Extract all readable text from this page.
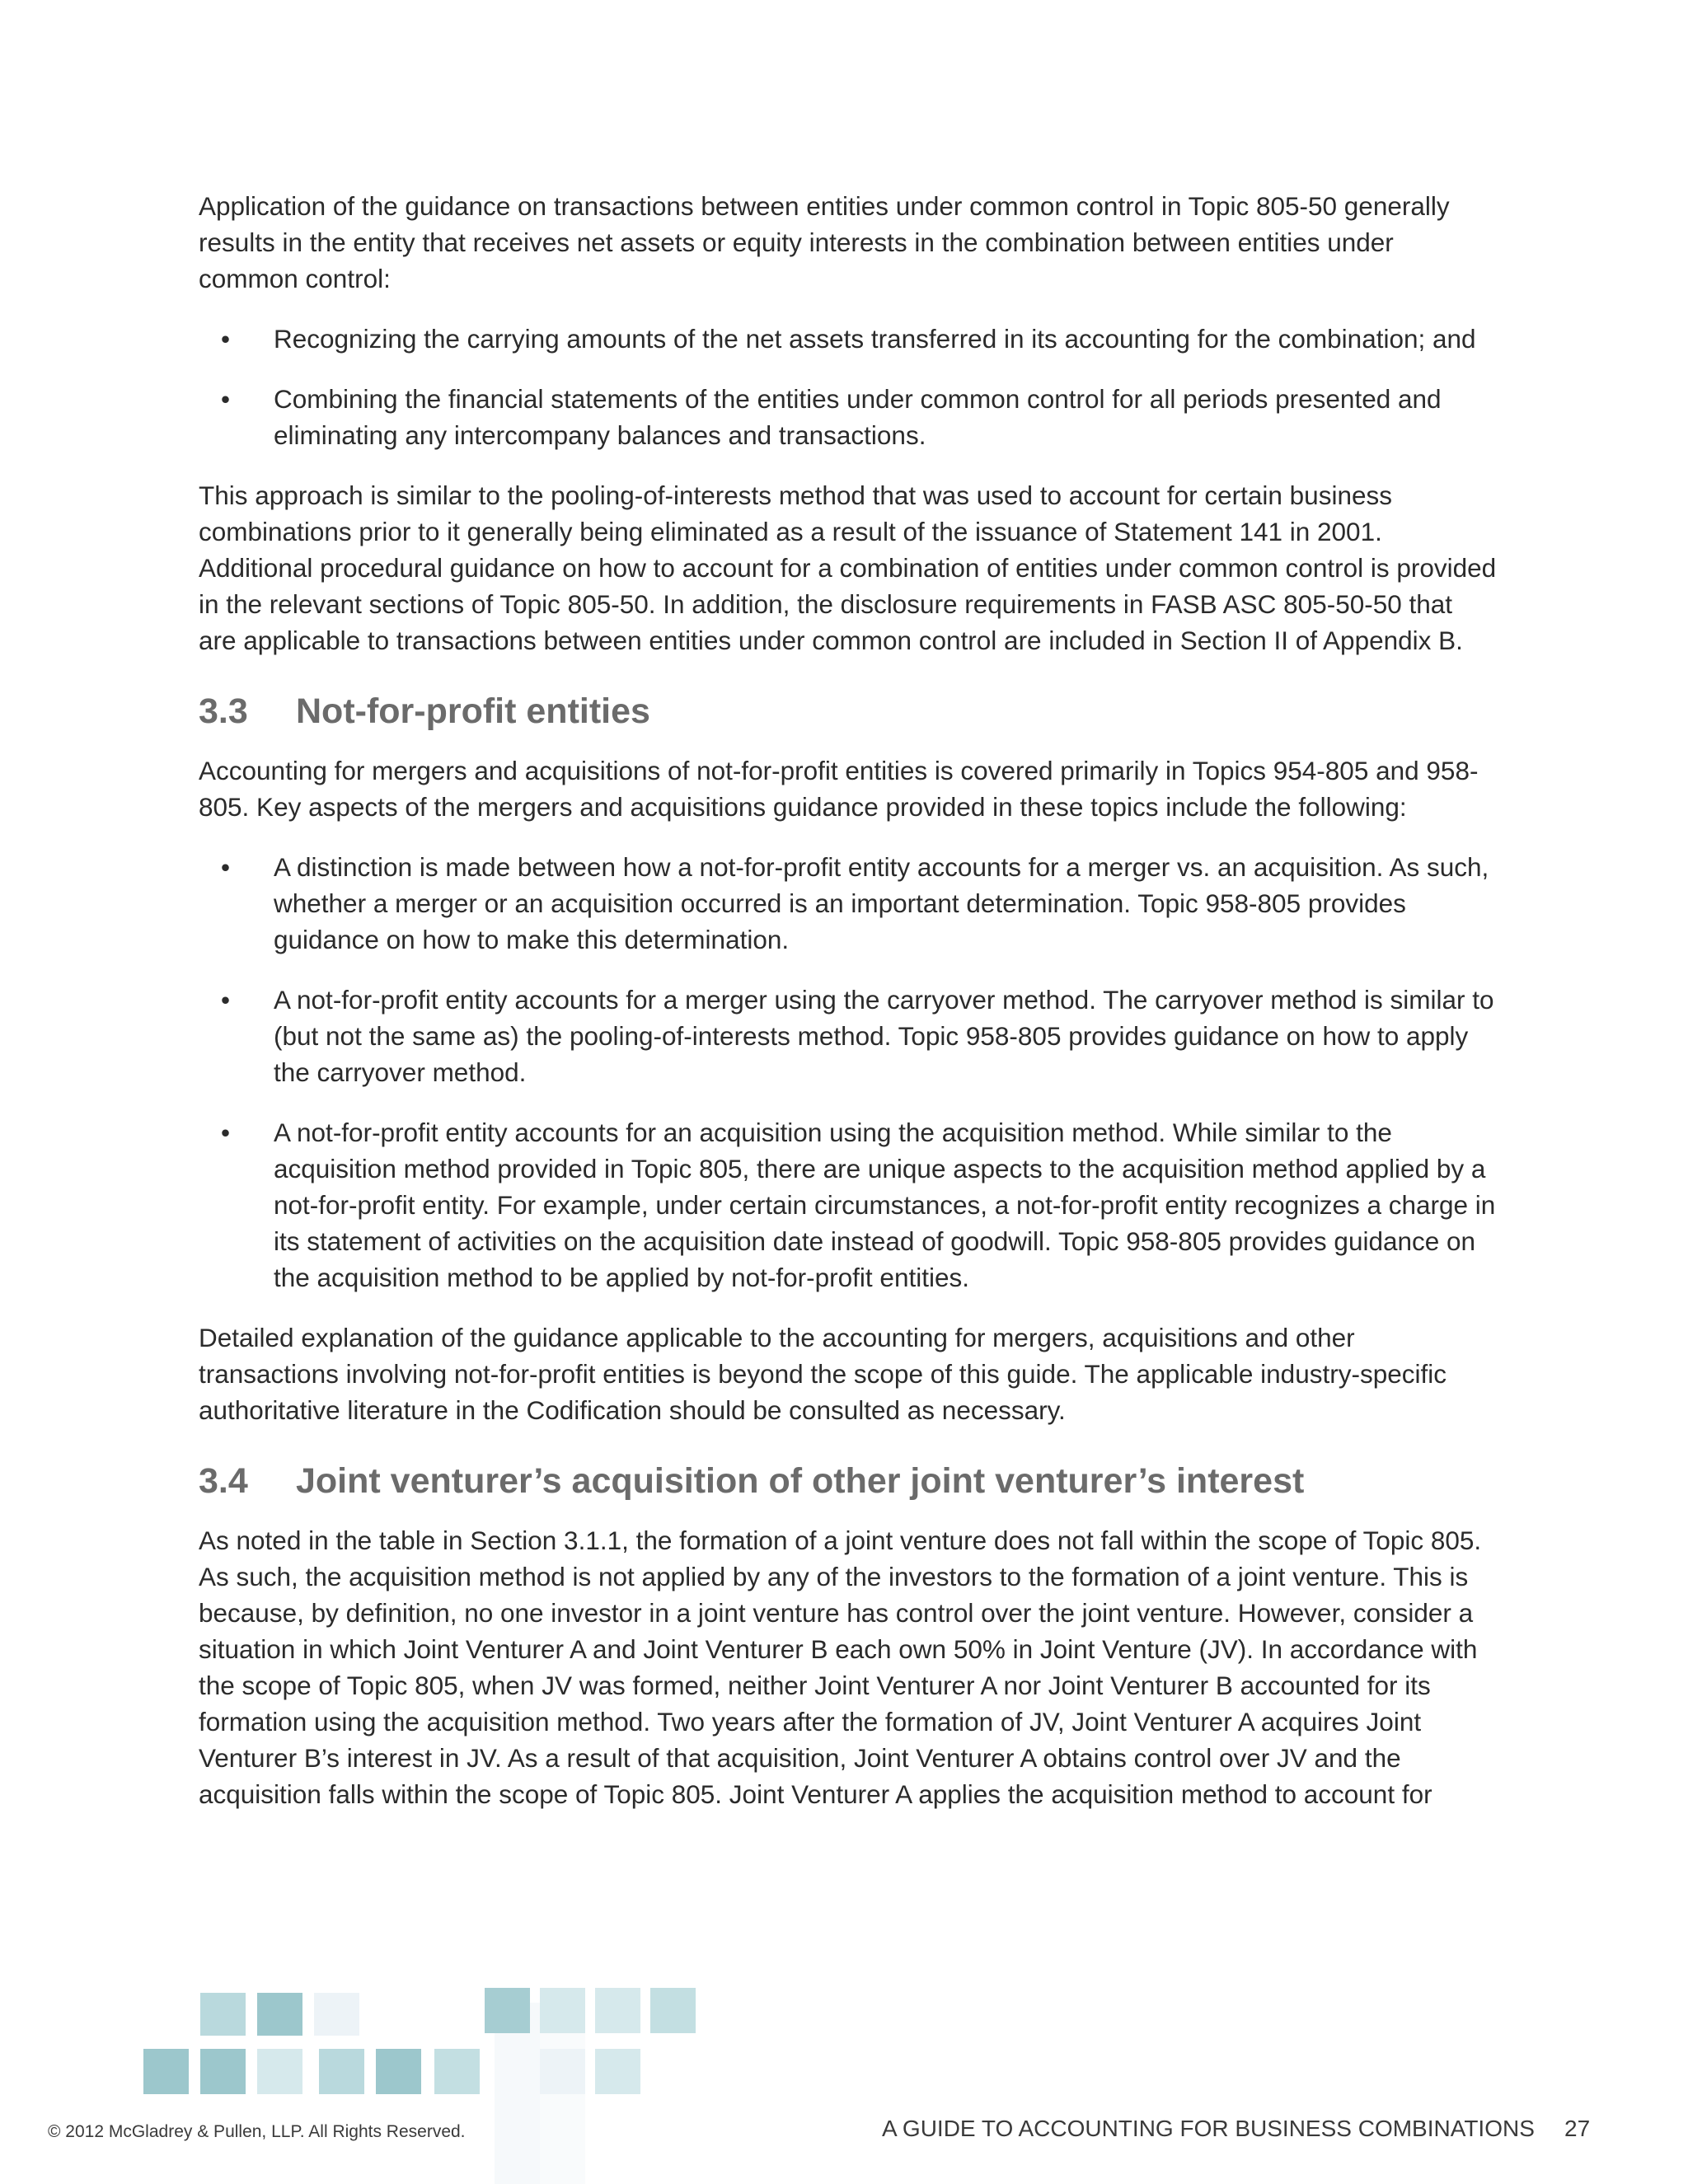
Application of the guidance on transactions between entities under common control in Topic 805-50 generally results in the entity that receives net assets or equity interests in the combination between entities under common control:

• Recognizing the carrying amounts of the net assets transferred in its accounting for the combination; and
• Combining the financial statements of the entities under common control for all periods presented and eliminating any intercompany balances and transactions.

This approach is similar to the pooling-of-interests method that was used to account for certain business combinations prior to it generally being eliminated as a result of the issuance of Statement 141 in 2001. Additional procedural guidance on how to account for a combination of entities under common control is provided in the relevant sections of Topic 805-50. In addition, the disclosure requirements in FASB ASC 805-50-50 that are applicable to transactions between entities under common control are included in Section II of Appendix B.

3.3 Not-for-profit entities

Accounting for mergers and acquisitions of not-for-profit entities is covered primarily in Topics 954-805 and 958-805. Key aspects of the mergers and acquisitions guidance provided in these topics include the following:

• A distinction is made between how a not-for-profit entity accounts for a merger vs. an acquisition. As such, whether a merger or an acquisition occurred is an important determination. Topic 958-805 provides guidance on how to make this determination.
• A not-for-profit entity accounts for a merger using the carryover method. The carryover method is similar to (but not the same as) the pooling-of-interests method. Topic 958-805 provides guidance on how to apply the carryover method.
• A not-for-profit entity accounts for an acquisition using the acquisition method. While similar to the acquisition method provided in Topic 805, there are unique aspects to the acquisition method applied by a not-for-profit entity. For example, under certain circumstances, a not-for-profit entity recognizes a charge in its statement of activities on the acquisition date instead of goodwill. Topic 958-805 provides guidance on the acquisition method to be applied by not-for-profit entities.

Detailed explanation of the guidance applicable to the accounting for mergers, acquisitions and other transactions involving not-for-profit entities is beyond the scope of this guide. The applicable industry-specific authoritative literature in the Codification should be consulted as necessary.

3.4 Joint venturer’s acquisition of other joint venturer’s interest

As noted in the table in Section 3.1.1, the formation of a joint venture does not fall within the scope of Topic 805. As such, the acquisition method is not applied by any of the investors to the formation of a joint venture. This is because, by definition, no one investor in a joint venture has control over the joint venture. However, consider a situation in which Joint Venturer A and Joint Venturer B each own 50% in Joint Venture (JV). In accordance with the scope of Topic 805, when JV was formed, neither Joint Venturer A nor Joint Venturer B accounted for its formation using the acquisition method. Two years after the formation of JV, Joint Venturer A acquires Joint Venturer B’s interest in JV. As a result of that acquisition, Joint Venturer A obtains control over JV and the acquisition falls within the scope of Topic 805. Joint Venturer A applies the acquisition method to account for

© 2012 McGladrey & Pullen, LLP. All Rights Reserved.	A GUIDE TO ACCOUNTING FOR BUSINESS COMBINATIONS 27
